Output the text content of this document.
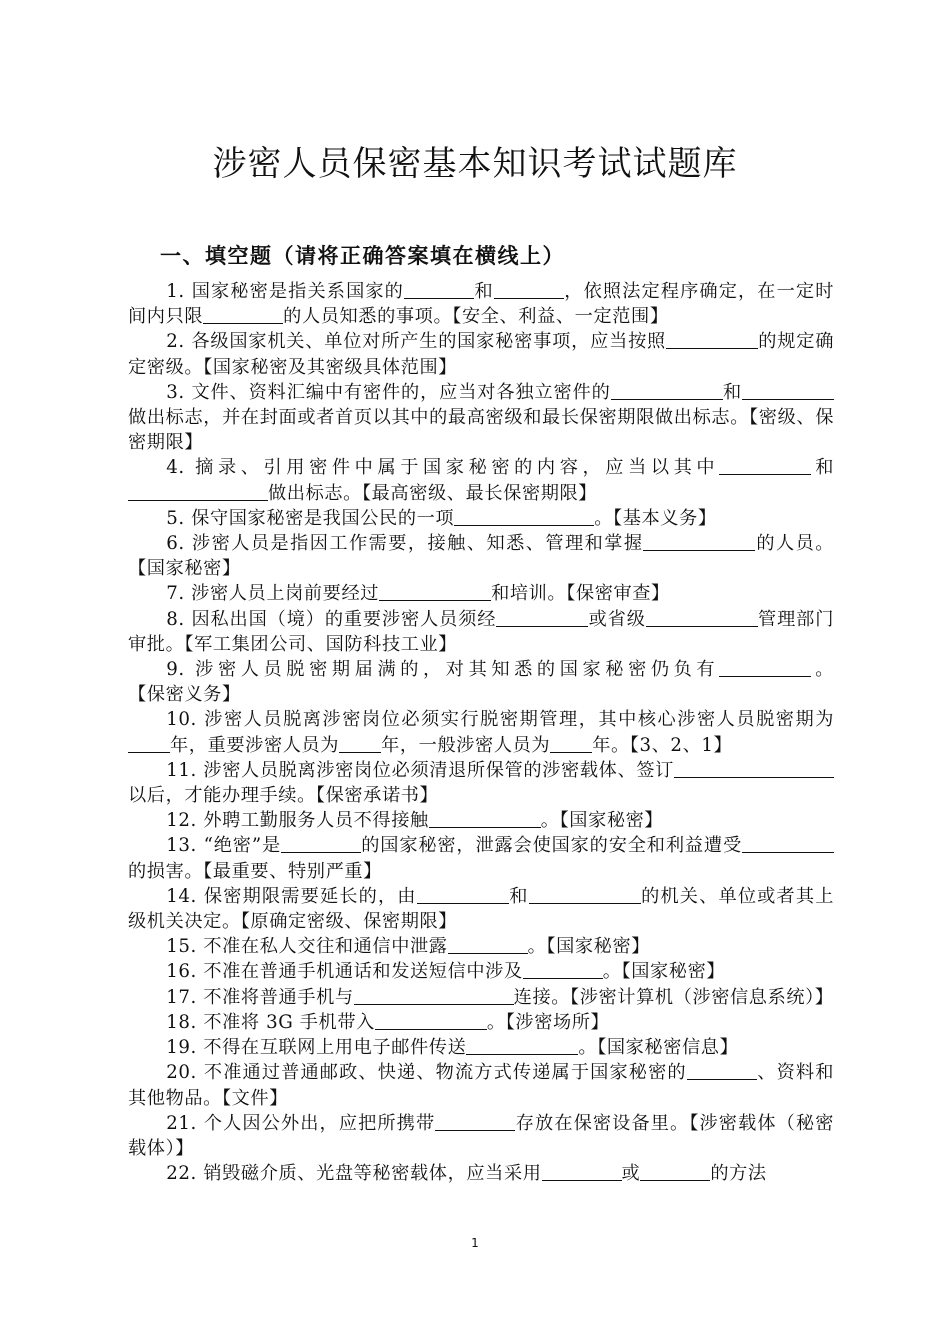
涉密人员保密基本知识考试试题库
一、填空题（请将正确答案填在横线上）

1. 国家秘密是指关系国家的	和	，依照法定程序确定，在一定时间内只限	的人员知悉的事项。【安全、利益、一定范围】

2. 各级国家机关、单位对所产生的国家秘密事项，应当按照	的规定确定密级。【国家秘密及其密级具体范围】

3. 文件、资料汇编中有密件的，应当对各独立密件的	和做出标志，并在封面或者首页以其中的最高密级和最长保密期限做出标志。【密级、保密期限】

4. 摘录、引用密件中属于国家秘密的内容，应当以其中	和做出标志。【最高密级、最长保密期限】

5. 保守国家秘密是我国公民的一项	。【基本义务】

6. 涉密人员是指因工作需要，接触、知悉、管理和掌握	的人员。【国家秘密】

7. 涉密人员上岗前要经过	和培训。【保密审查】

8. 因私出国（境）的重要涉密人员须经	或省级	管理部门审批。【军工集团公司、国防科技工业】

9. 涉密人员脱密期届满的，对其知悉的国家秘密仍负有	。【保密义务】

10. 涉密人员脱离涉密岗位必须实行脱密期管理，其中核心涉密人员脱密期为年，重要涉密人员为 年，一般涉密人员为 年。【3、2、1】

11. 涉密人员脱离涉密岗位必须清退所保管的涉密载体、签订以后，才能办理手续。【保密承诺书】

12. 外聘工勤服务人员不得接触	。【国家秘密】

13. “绝密”是	的国家秘密，泄露会使国家的安全和利益遭受的损害。【最重要、特别严重】

14. 保密期限需要延长的，由	和	的机关、单位或者其上级机关决定。【原确定密级、保密期限】

15. 不准在私人交往和通信中泄露	。【国家秘密】

16. 不准在普通手机通话和发送短信中涉及	。【国家秘密】

17. 不准将普通手机与	连接。【涉密计算机（涉密信息系统）】

18. 不准将 3G 手机带入	。【涉密场所】

19. 不得在互联网上用电子邮件传送	。【国家秘密信息】

20. 不准通过普通邮政、快递、物流方式传递属于国家秘密的	、资料和其他物品。【文件】

21. 个人因公外出，应把所携带	存放在保密设备里。【涉密载体（秘密载体）】

22. 销毁磁介质、光盘等秘密载体，应当采用	或	的方法

1
